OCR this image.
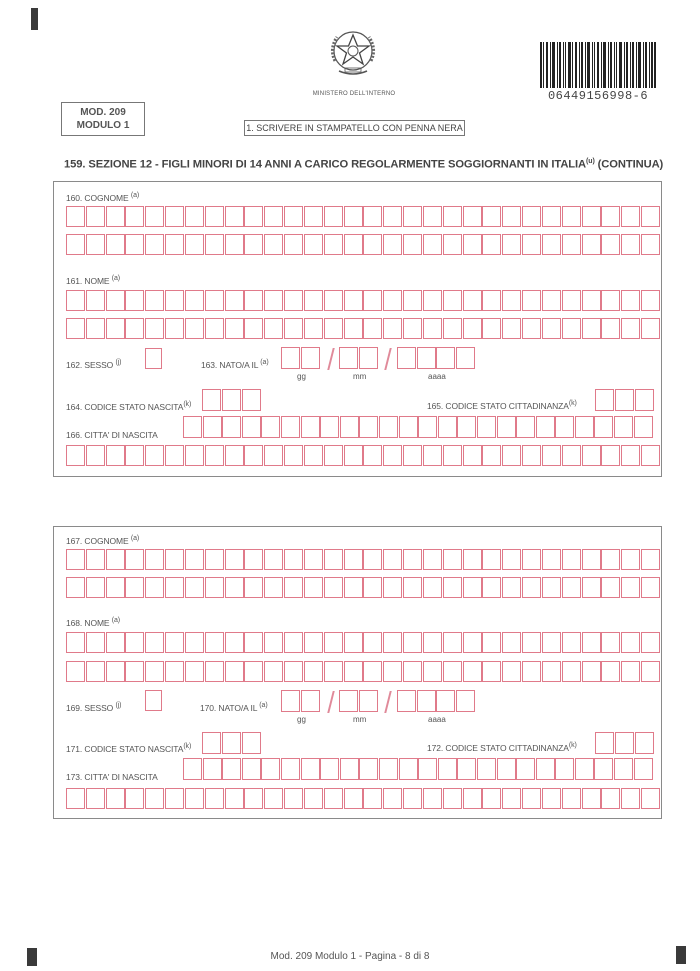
MINISTERO DELL'INTERNO	06449156998-6
MOD. 209
MODULO 1	1. SCRIVERE IN STAMPATELLO CON PENNA NERA
159. SEZIONE 12 - FIGLI MINORI DI 14 ANNI A CARICO REGOLARMENTE SOGGIORNANTI IN ITALIA$^{(u)}$ (CONTINUA)
160. COGNOME $^{(a)}$
161. NOME $^{(a)}$
162. SESSO $^{(j)}$	163. NATO/A IL $^{(a)}$
gg	mm	aaaa
164. CODICE STATO NASCITA$^{(k)}$	165. CODICE STATO CITTADINANZA$^{(k)}$
166. CITTA' DI NASCITA
167. COGNOME $^{(a)}$
168. NOME $^{(a)}$
169. SESSO $^{(j)}$	170. NATO/A IL $^{(a)}$
gg	mm	aaaa
171. CODICE STATO NASCITA$^{(k)}$	172. CODICE STATO CITTADINANZA$^{(k)}$
173. CITTA' DI NASCITA
Mod. 209 Modulo 1 - Pagina - 8 di 8
